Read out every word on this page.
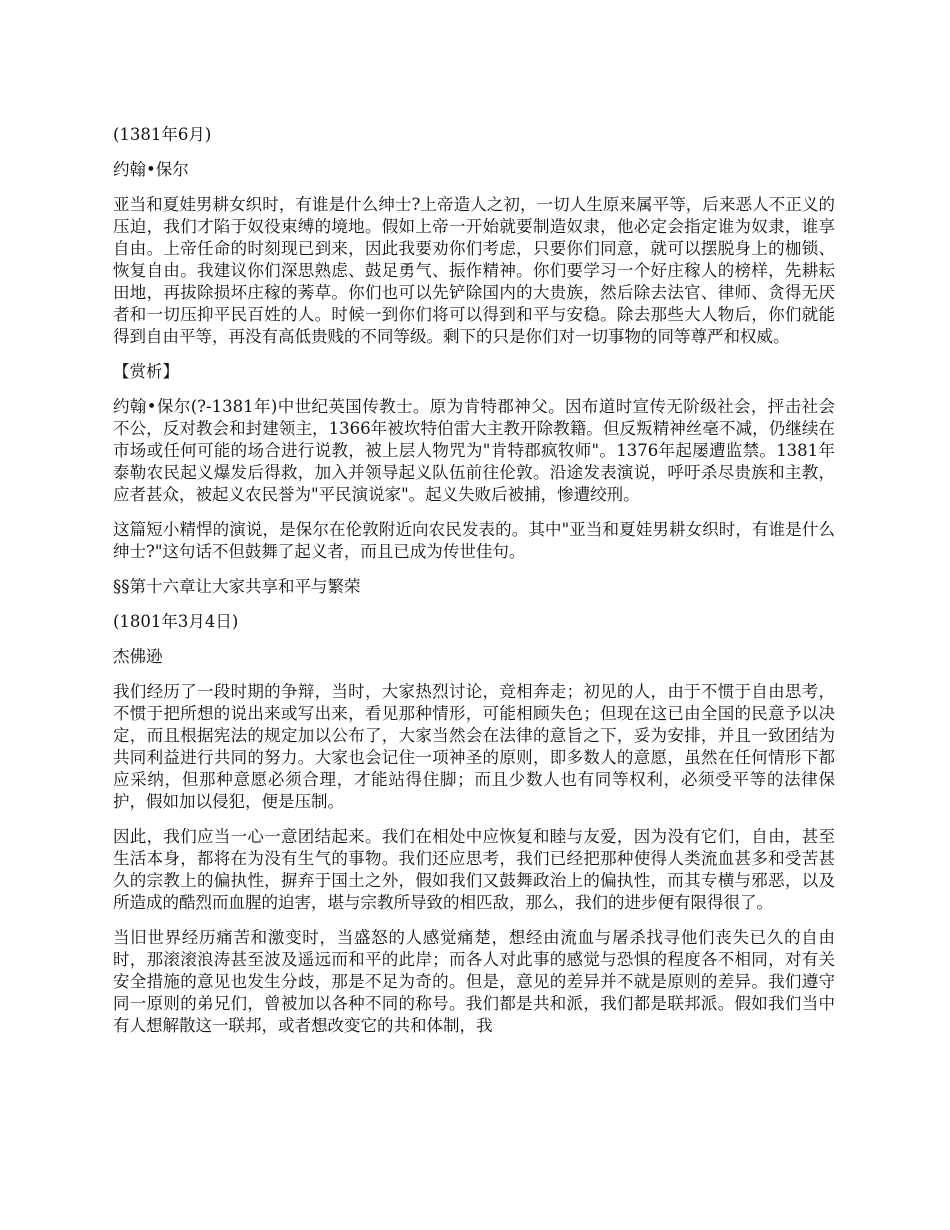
(1381年6月)

约翰•保尔

亚当和夏娃男耕女织时，有谁是什么绅士?上帝造人之初，一切人生原来属平等，后来恶人不正义的压迫，我们才陷于奴役束缚的境地。假如上帝一开始就要制造奴隶，他必定会指定谁为奴隶，谁享自由。上帝任命的时刻现已到来，因此我要劝你们考虑，只要你们同意，就可以摆脱身上的枷锁、恢复自由。我建议你们深思熟虑、鼓足勇气、振作精神。你们要学习一个好庄稼人的榜样，先耕耘田地，再拔除损坏庄稼的莠草。你们也可以先铲除国内的大贵族，然后除去法官、律师、贪得无厌者和一切压抑平民百姓的人。时候一到你们将可以得到和平与安稳。除去那些大人物后，你们就能得到自由平等，再没有高低贵贱的不同等级。剩下的只是你们对一切事物的同等尊严和权威。

【赏析】

约翰•保尔(?-1381年)中世纪英国传教士。原为肯特郡神父。因布道时宣传无阶级社会，抨击社会不公，反对教会和封建领主，1366年被坎特伯雷大主教开除教籍。但反叛精神丝毫不减，仍继续在市场或任何可能的场合进行说教，被上层人物咒为"肯特郡疯牧师"。1376年起屡遭监禁。1381年泰勒农民起义爆发后得救，加入并领导起义队伍前往伦敦。沿途发表演说，呼吁杀尽贵族和主教，应者甚众，被起义农民誉为"平民演说家"。起义失败后被捕，惨遭绞刑。

这篇短小精悍的演说，是保尔在伦敦附近向农民发表的。其中"亚当和夏娃男耕女织时，有谁是什么绅士?"这句话不但鼓舞了起义者，而且已成为传世佳句。

§§第十六章让大家共享和平与繁荣

(1801年3月4日)

杰佛逊

我们经历了一段时期的争辩，当时，大家热烈讨论，竞相奔走；初见的人，由于不惯于自由思考，不惯于把所想的说出来或写出来，看见那种情形，可能相顾失色；但现在这已由全国的民意予以决定，而且根据宪法的规定加以公布了，大家当然会在法律的意旨之下，妥为安排，并且一致团结为共同利益进行共同的努力。大家也会记住一项神圣的原则，即多数人的意愿，虽然在任何情形下都应采纳，但那种意愿必须合理，才能站得住脚；而且少数人也有同等权利，必须受平等的法律保护，假如加以侵犯，便是压制。

因此，我们应当一心一意团结起来。我们在相处中应恢复和睦与友爱，因为没有它们，自由，甚至生活本身，都将在为没有生气的事物。我们还应思考，我们已经把那种使得人类流血甚多和受苦甚久的宗教上的偏执性，摒弃于国土之外，假如我们又鼓舞政治上的偏执性，而其专横与邪恶，以及所造成的酷烈而血腥的迫害，堪与宗教所导致的相匹敌，那么，我们的进步便有限得很了。

当旧世界经历痛苦和激变时，当盛怒的人感觉痛楚，想经由流血与屠杀找寻他们丧失已久的自由时，那滚滚浪涛甚至波及遥远而和平的此岸；而各人对此事的感觉与恐惧的程度各不相同，对有关安全措施的意见也发生分歧，那是不足为奇的。但是，意见的差异并不就是原则的差异。我们遵守同一原则的弟兄们，曾被加以各种不同的称号。我们都是共和派，我们都是联邦派。假如我们当中有人想解散这一联邦，或者想改变它的共和体制，我
